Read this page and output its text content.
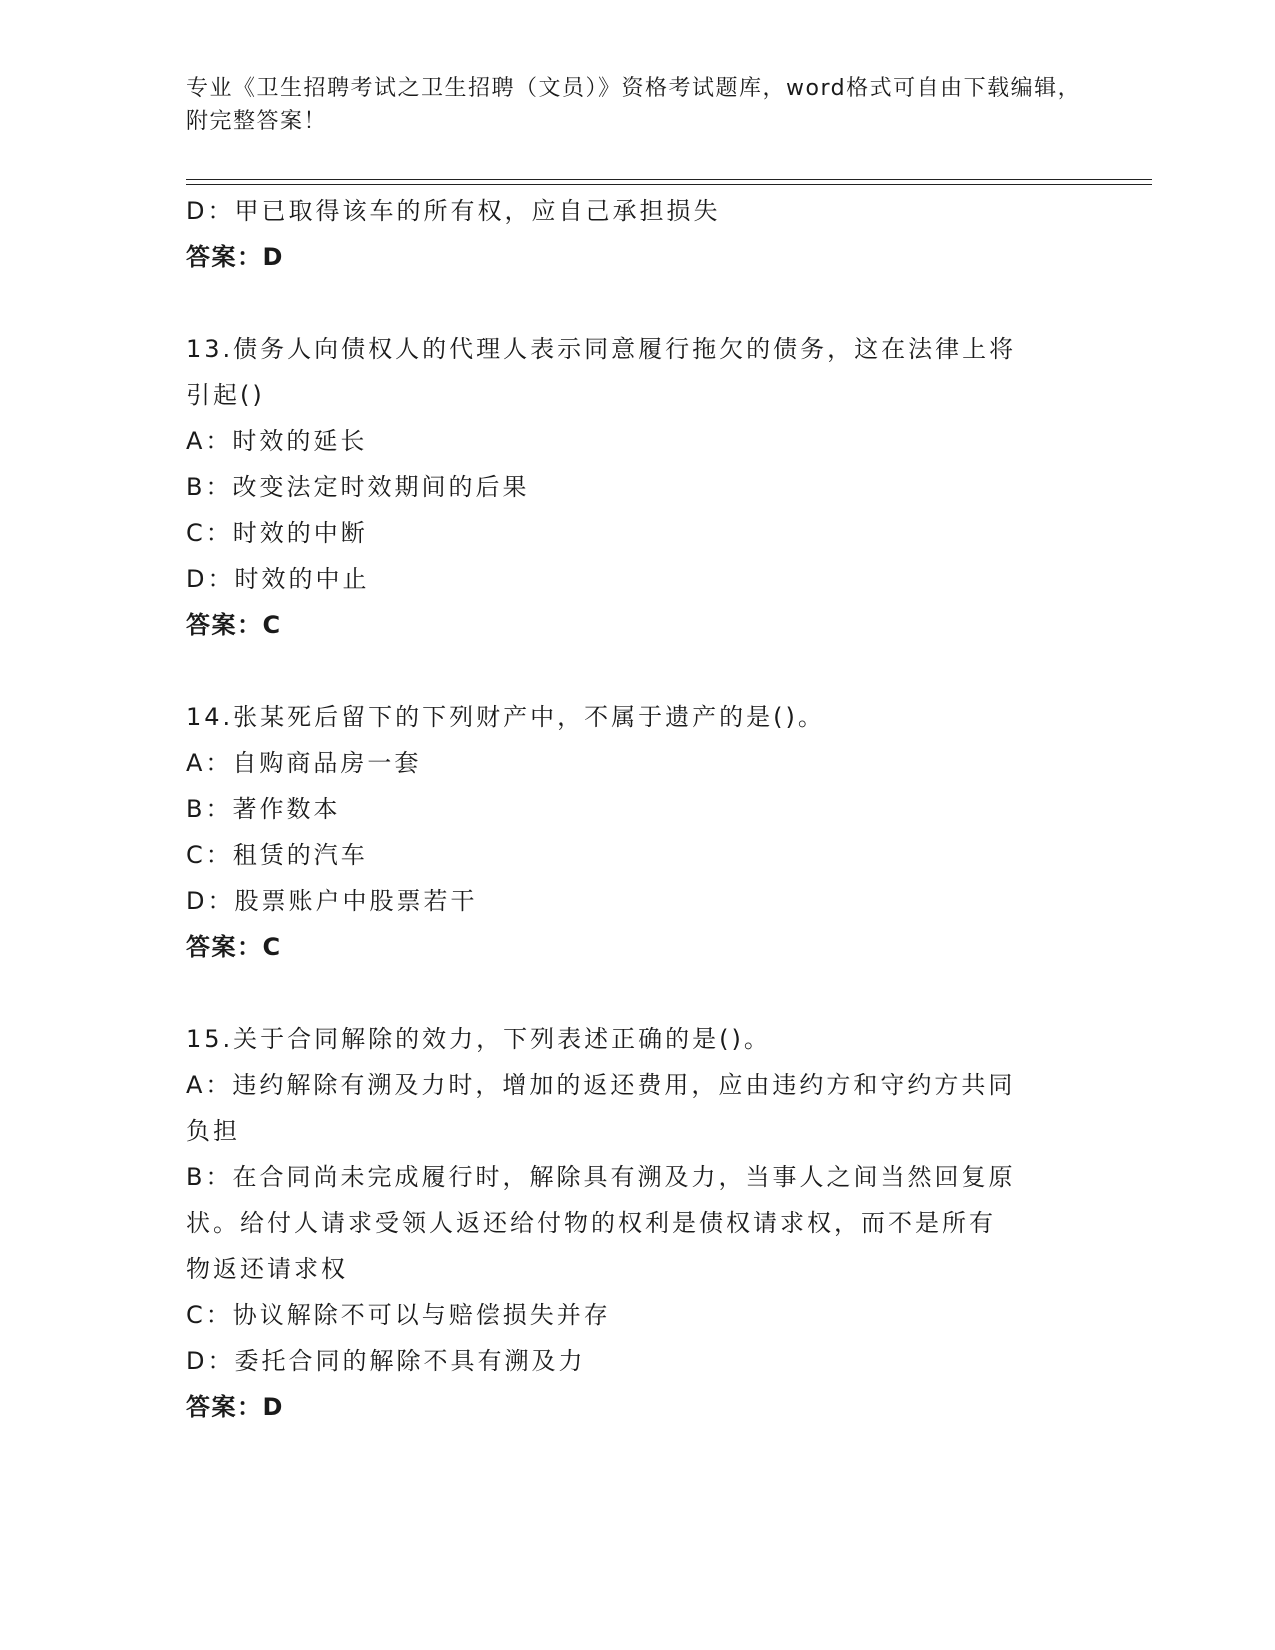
专业《卫生招聘考试之卫生招聘（文员）》资格考试题库，word格式可自由下载编辑，附完整答案！
D：甲已取得该车的所有权，应自己承担损失
答案：D
13.债务人向债权人的代理人表示同意履行拖欠的债务，这在法律上将
引起()
A：时效的延长
B：改变法定时效期间的后果
C：时效的中断
D：时效的中止
答案：C
14.张某死后留下的下列财产中，不属于遗产的是()。
A：自购商品房一套
B：著作数本
C：租赁的汽车
D：股票账户中股票若干
答案：C
15.关于合同解除的效力，下列表述正确的是()。
A：违约解除有溯及力时，增加的返还费用，应由违约方和守约方共同
负担
B：在合同尚未完成履行时，解除具有溯及力，当事人之间当然回复原
状。给付人请求受领人返还给付物的权利是债权请求权，而不是所有
物返还请求权
C：协议解除不可以与赔偿损失并存
D：委托合同的解除不具有溯及力
答案：D
